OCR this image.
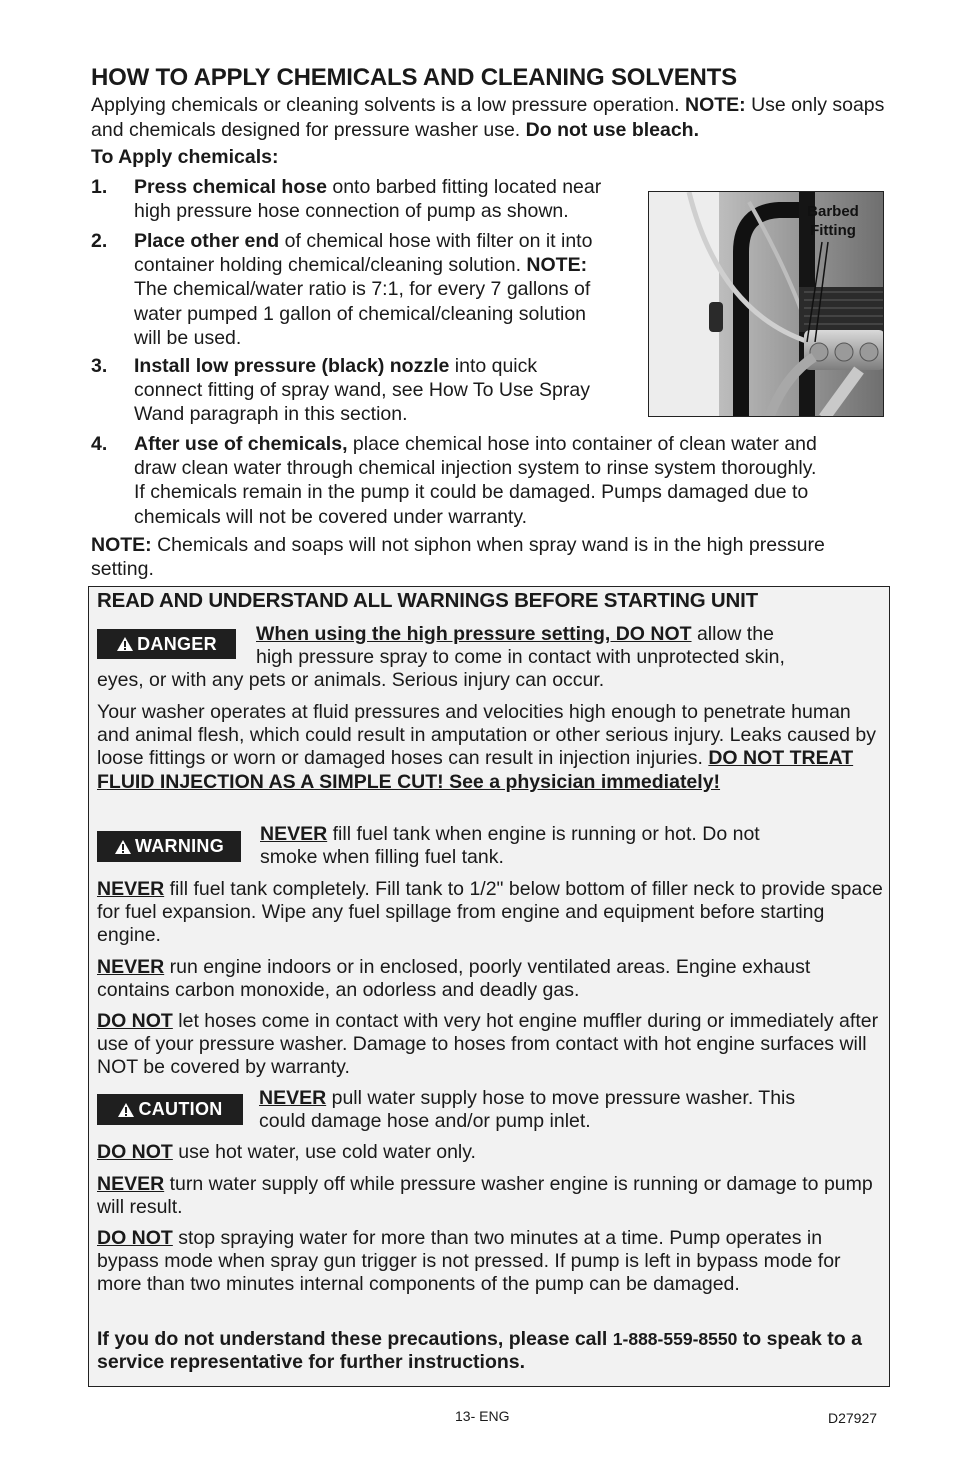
HOW TO APPLY CHEMICALS AND CLEANING SOLVENTS

Applying chemicals or cleaning solvents is a low pressure operation. NOTE: Use only soaps and chemicals designed for pressure washer use. Do not use bleach.

To Apply chemicals:

1. Press chemical hose onto barbed fitting located near
high pressure hose connection of pump as shown.
2. Place other end of chemical hose with filter on it into
container holding chemical/cleaning solution. NOTE:
The chemical/water ratio is 7:1, for every 7 gallons of
water pumped 1 gallon of chemical/cleaning solution
will be used.
3. Install low pressure (black) nozzle into quick
connect fitting of spray wand, see How To Use Spray
Wand paragraph in this section.
4. After use of chemicals, place chemical hose into container of clean water and
draw clean water through chemical injection system to rinse system thoroughly.
If chemicals remain in the pump it could be damaged. Pumps damaged due to
chemicals will not be covered under warranty.
Barbed
Fitting

NOTE: Chemicals and soaps will not siphon when spray wand is in the high pressure setting.

READ AND UNDERSTAND ALL WARNINGS BEFORE STARTING UNIT
DANGER When using the high pressure setting, DO NOT allow the
high pressure spray to come in contact with unprotected skin,
eyes, or with any pets or animals. Serious injury can occur.

Your washer operates at fluid pressures and velocities high enough to penetrate human and animal flesh, which could result in amputation or other serious injury. Leaks caused by loose fittings or worn or damaged hoses can result in injection injuries. DO NOT TREAT FLUID INJECTION AS A SIMPLE CUT! See a physician immediately!

WARNING
NEVER fill fuel tank when engine is running or hot. Do not
smoke when filling fuel tank.

NEVER fill fuel tank completely. Fill tank to 1/2" below bottom of filler neck to provide space for fuel expansion. Wipe any fuel spillage from engine and equipment before starting engine.

NEVER run engine indoors or in enclosed, poorly ventilated areas. Engine exhaust contains carbon monoxide, an odorless and deadly gas.

DO NOT let hoses come in contact with very hot engine muffler during or immediately after use of your pressure washer. Damage to hoses from contact with hot engine surfaces will NOT be covered by warranty.

CAUTION NEVER pull water supply hose to move pressure washer. This
could damage hose and/or pump inlet.

DO NOT use hot water, use cold water only.

NEVER turn water supply off while pressure washer engine is running or damage to pump will result.

DO NOT stop spraying water for more than two minutes at a time. Pump operates in bypass mode when spray gun trigger is not pressed. If pump is left in bypass mode for more than two minutes internal components of the pump can be damaged.

If you do not understand these precautions, please call 1-888-559-8550 to speak to a service representative for further instructions.

13- ENG	D27927
